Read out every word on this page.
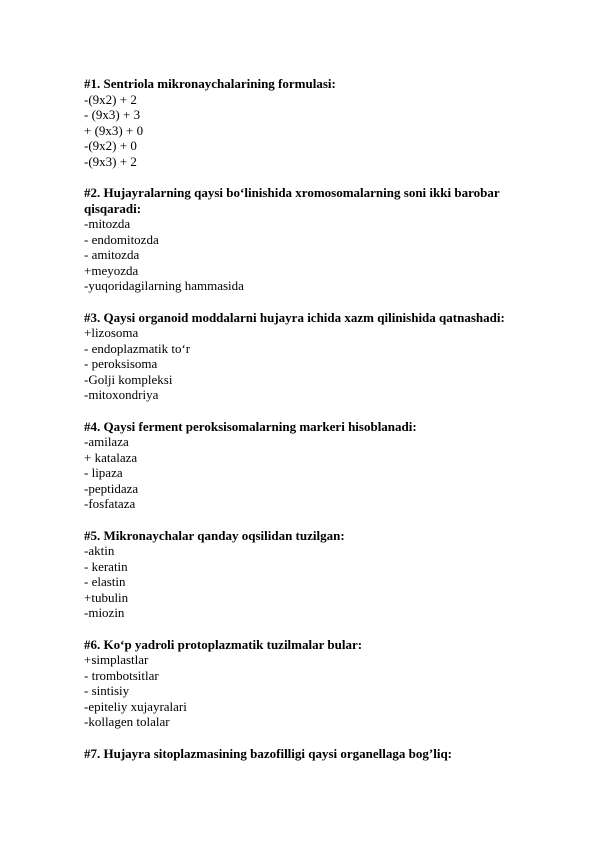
#1. Sentriola mikronaychalarining formulasi:
-(9x2) + 2
- (9x3) + 3
+ (9x3) + 0
-(9x2) + 0
-(9x3) + 2
#2. Hujayralarning qaysi bo‘linishida xromosomalarning soni ikki barobar qisqaradi:
-mitozda
- endomitozda
- amitozda
+meyozda
-yuqoridagilarning hammasida
#3. Qaysi organoid moddalarni hujayra ichida xazm qilinishida qatnashadi:
+lizosoma
- endoplazmatik to‘r
- peroksisoma
-Golji kompleksi
-mitoxondriya
#4. Qaysi ferment peroksisomalarning markeri hisoblanadi:
-amilaza
+ katalaza
- lipaza
-peptidaza
-fosfataza
#5. Mikronaychalar qanday oqsilidan tuzilgan:
-aktin
- keratin
- elastin
+tubulin
-miozin
#6. Ko‘p yadroli protoplazmatik tuzilmalar bular:
+simplastlar
- trombotsitlar
- sintisiy
-epiteliy xujayralari
-kollagen tolalar
#7. Hujayra sitoplazmasining bazofilligi qaysi organellaga bog’liq:
